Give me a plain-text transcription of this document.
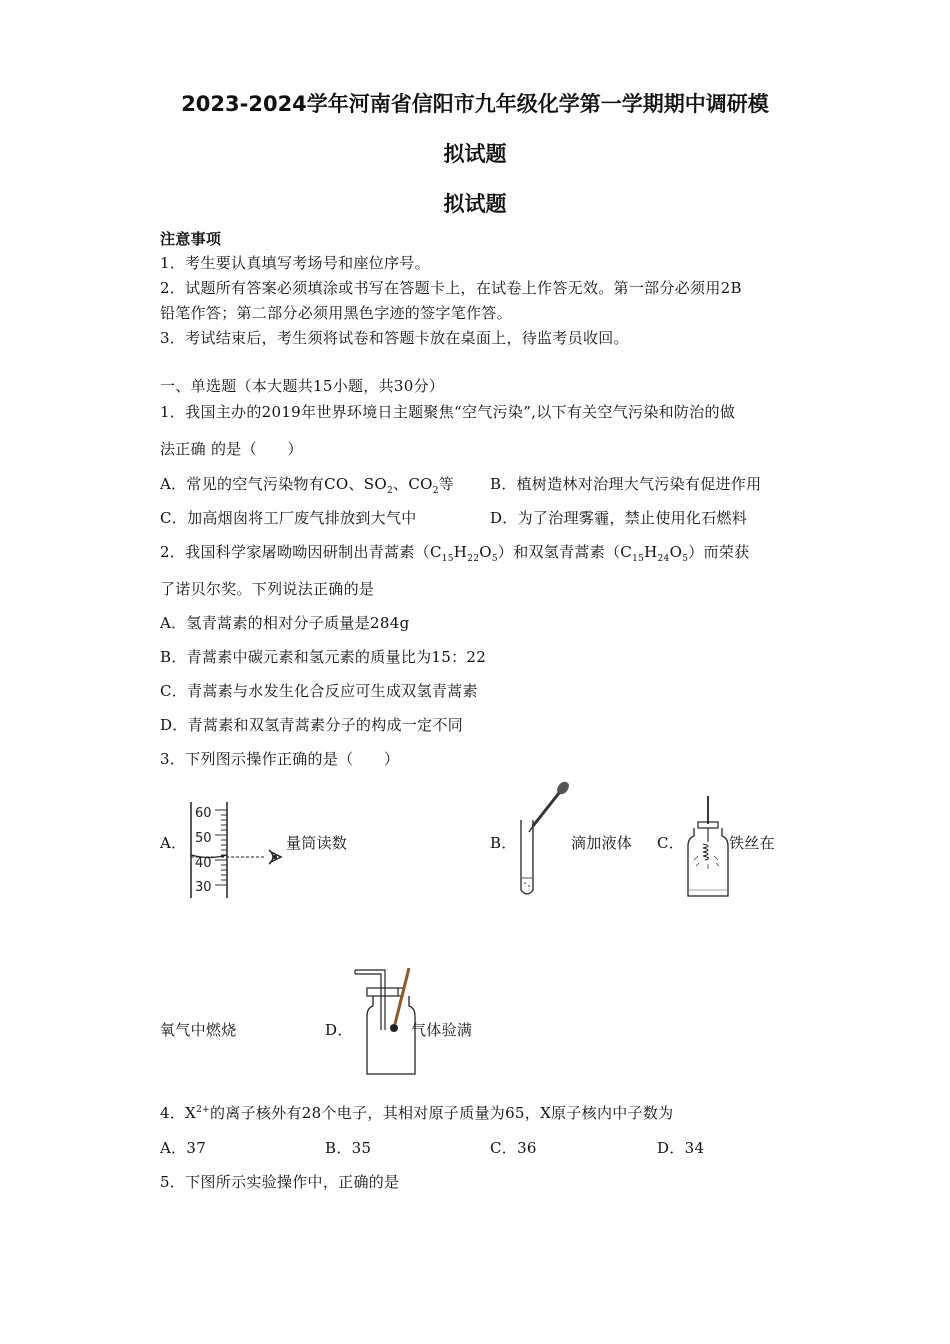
2023-2024学年河南省信阳市九年级化学第一学期期中调研模
拟试题
拟试题
注意事项
1．考生要认真填写考场号和座位序号。
2．试题所有答案必须填涂或书写在答题卡上，在试卷上作答无效。第一部分必须用2B
铅笔作答；第二部分必须用黑色字迹的签字笔作答。
3．考试结束后，考生须将试卷和答题卡放在桌面上，待监考员收回。
一、单选题（本大题共15小题，共30分）
1．我国主办的2019年世界环境日主题聚焦“空气污染”,以下有关空气污染和防治的做
法正确 的是（　　）
A．常见的空气污染物有CO、$SO_2$、$CO_2$等 B．植树造林对治理大气污染有促进作用
C．加高烟囱将工厂废气排放到大气中	D．为了治理雾霾，禁止使用化石燃料
2．我国科学家屠呦呦因研制出青蒿素$(C_{15}H_{22}O_5)$和双氢青蒿素$(C_{15}H_{24}O_5)$而荣获
了诺贝尔奖。下列说法正确的是
A．氢青蒿素的相对分子质量是284g
B．青蒿素中碳元素和氢元素的质量比为15：22
C．青蒿素与水发生化合反应可生成双氢青蒿素
D．青蒿素和双氢青蒿素分子的构成一定不同
3．下列图示操作正确的是（　　）
A．
60
50
40
30
量筒读数	B．	滴加液体 C．	铁丝在
氧气中燃烧	D．	气体验满
4．$X^{2+}$的离子核外有28个电子，其相对原子质量为65，X原子核内中子数为
A．37	B．35	C．36	D．34
5．下图所示实验操作中，正确的是
